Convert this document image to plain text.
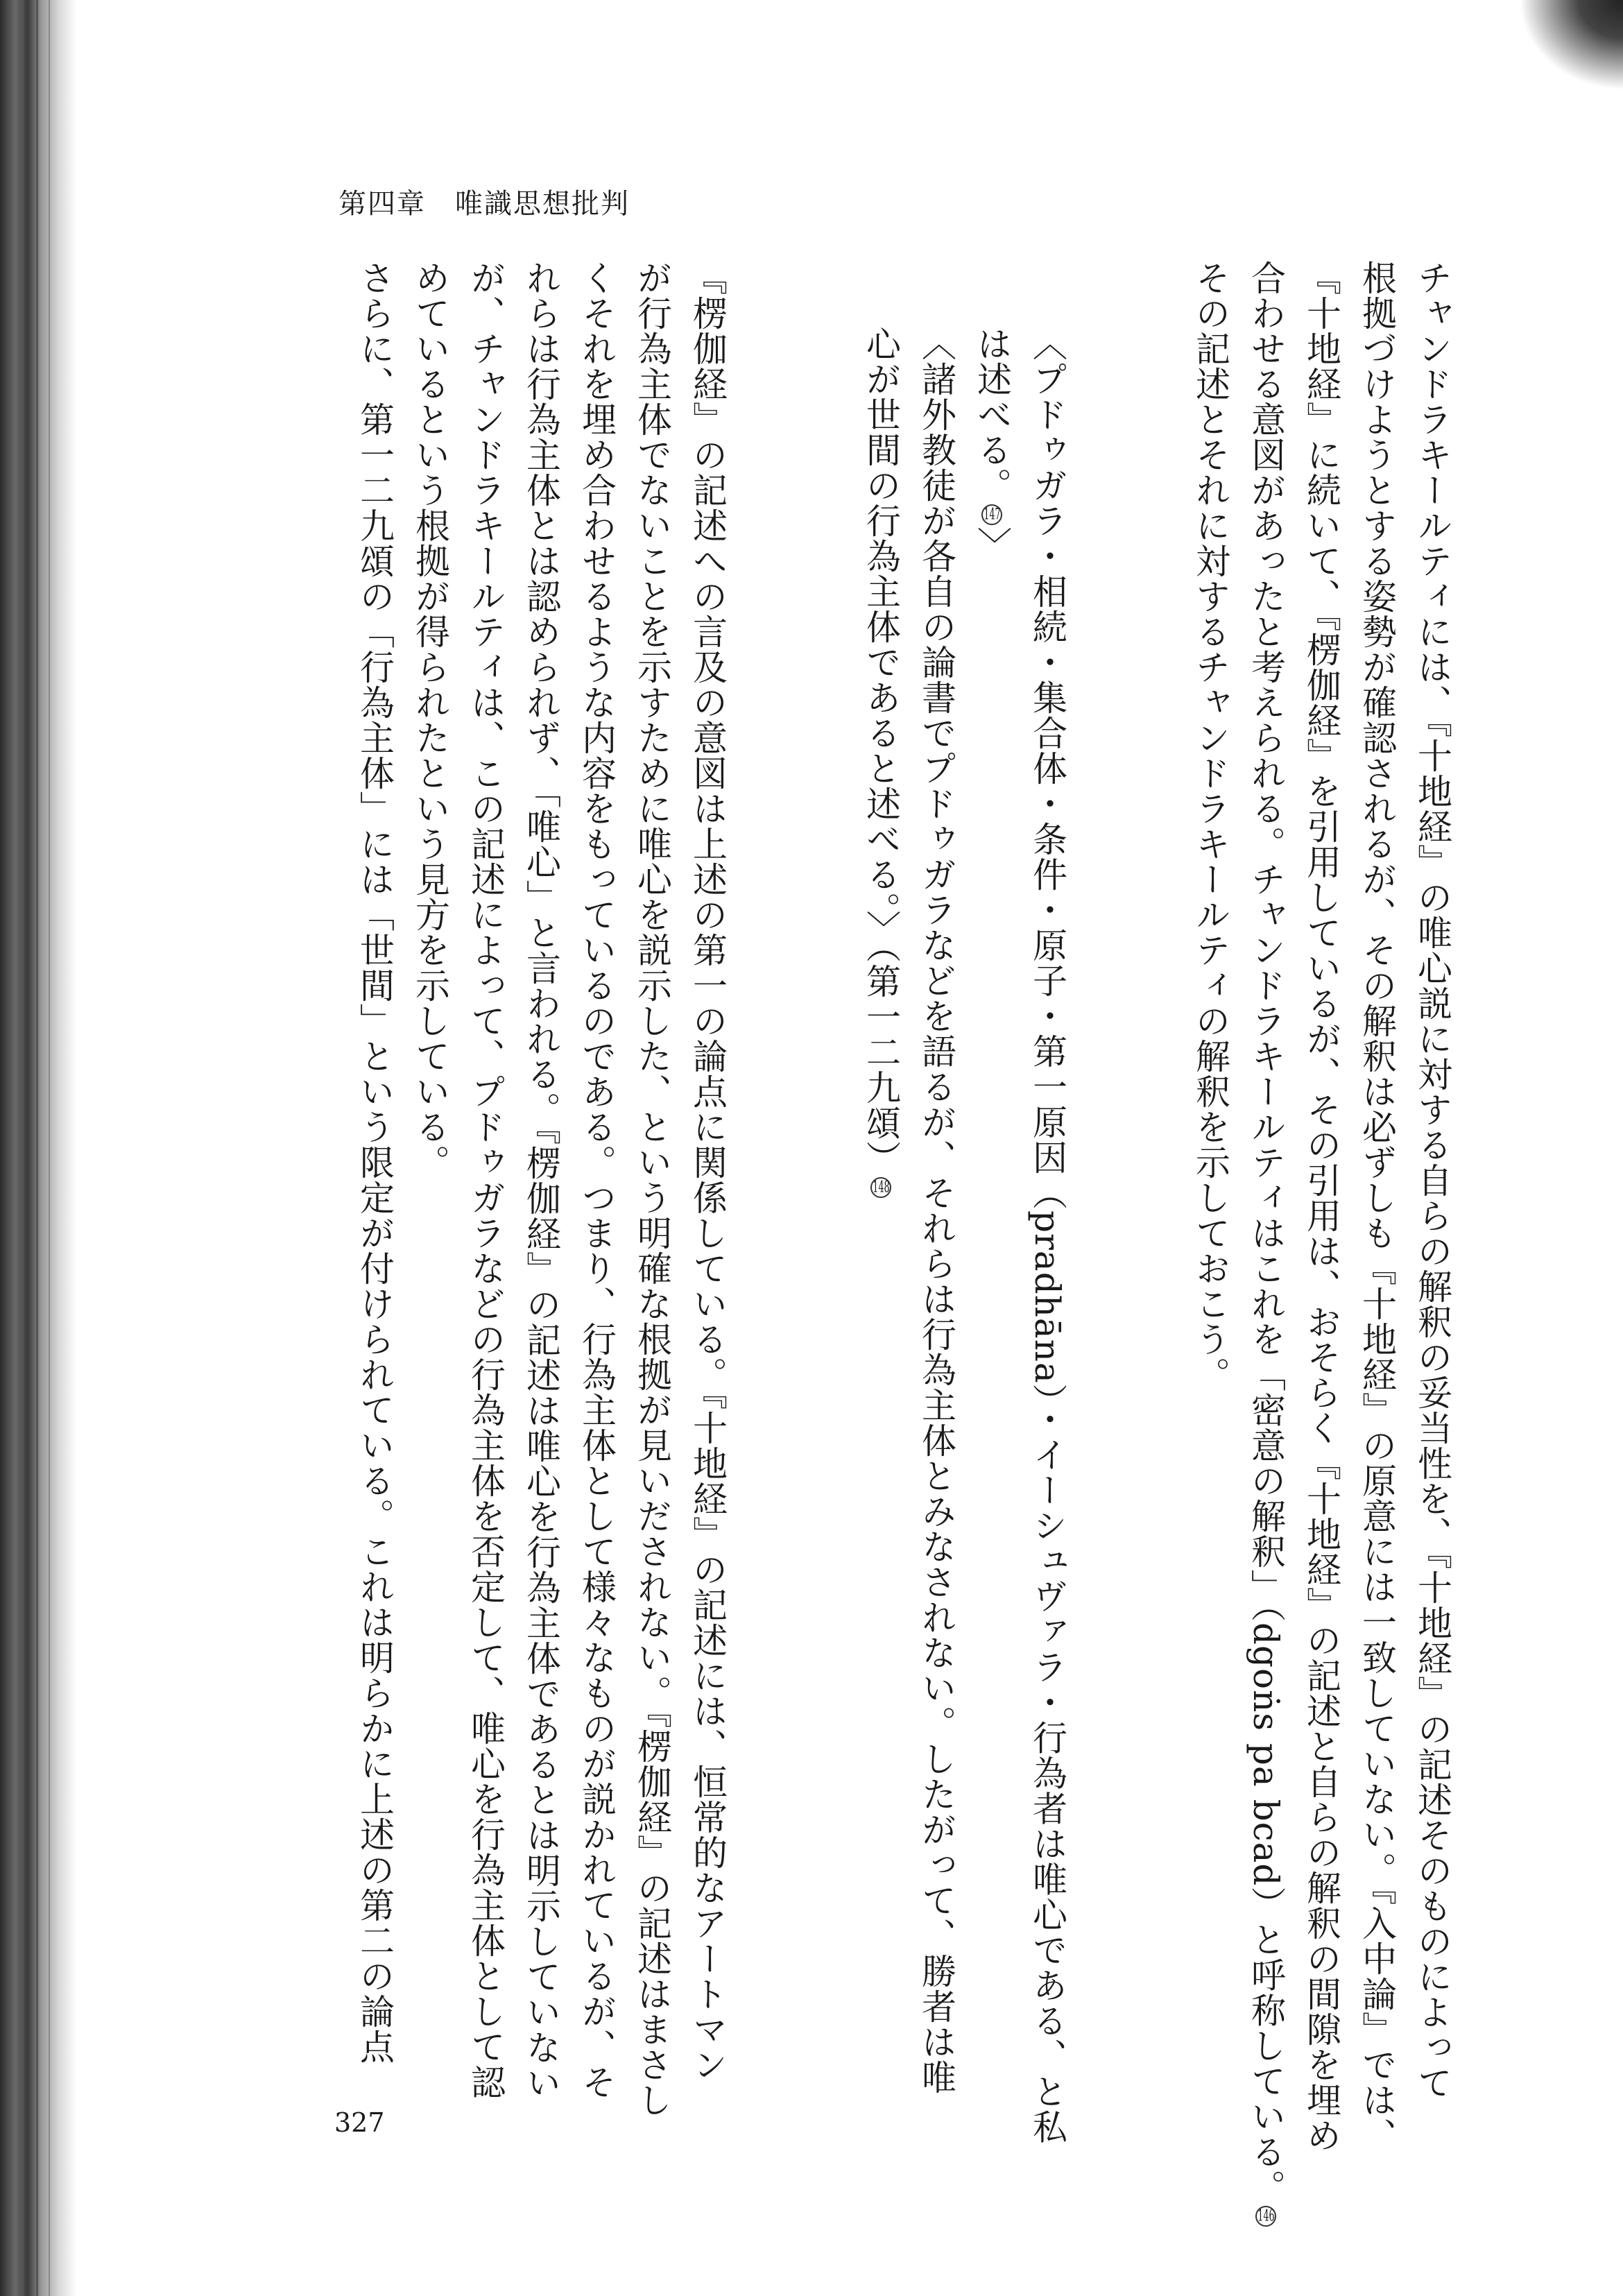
第四章　唯識思想批判

チャンドラキールティには、『十地経』の唯心説に対する自らの解釈の妥当性を、『十地経』の記述そのものによって

根拠づけようとする姿勢が確認されるが、その解釈は必ずしも『十地経』の原意には一致していない。『入中論』では、

『十地経』に続いて、『楞伽経』を引用しているが、その引用は、おそらく『十地経』の記述と自らの解釈の間隙を埋め

合わせる意図があったと考えられる。チャンドラキールティはこれを「密意の解釈」（dgoṅs pa bcad）と呼称している。146

その記述とそれに対するチャンドラキールティの解釈を示しておこう。

〈プドゥガラ・相続・集合体・条件・原子・第一原因（pradhāna）・イーシュヴァラ・行為者は唯心である、と私

は述べる。147〉

〈諸外教徒が各自の論書でプドゥガラなどを語るが、それらは行為主体とみなされない。したがって、勝者は唯

心が世間の行為主体であると述べる。〉（第一二九頌）148

『楞伽経』の記述への言及の意図は上述の第一の論点に関係している。『十地経』の記述には、恒常的なアートマン

が行為主体でないことを示すために唯心を説示した、という明確な根拠が見いだされない。『楞伽経』の記述はまさし

くそれを埋め合わせるような内容をもっているのである。つまり、行為主体として様々なものが説かれているが、そ

れらは行為主体とは認められず、「唯心」と言われる。『楞伽経』の記述は唯心を行為主体であるとは明示していない

が、チャンドラキールティは、この記述によって、プドゥガラなどの行為主体を否定して、唯心を行為主体として認

めているという根拠が得られたという見方を示している。

さらに、第一二九頌の「行為主体」には「世間」という限定が付けられている。これは明らかに上述の第二の論点

327
